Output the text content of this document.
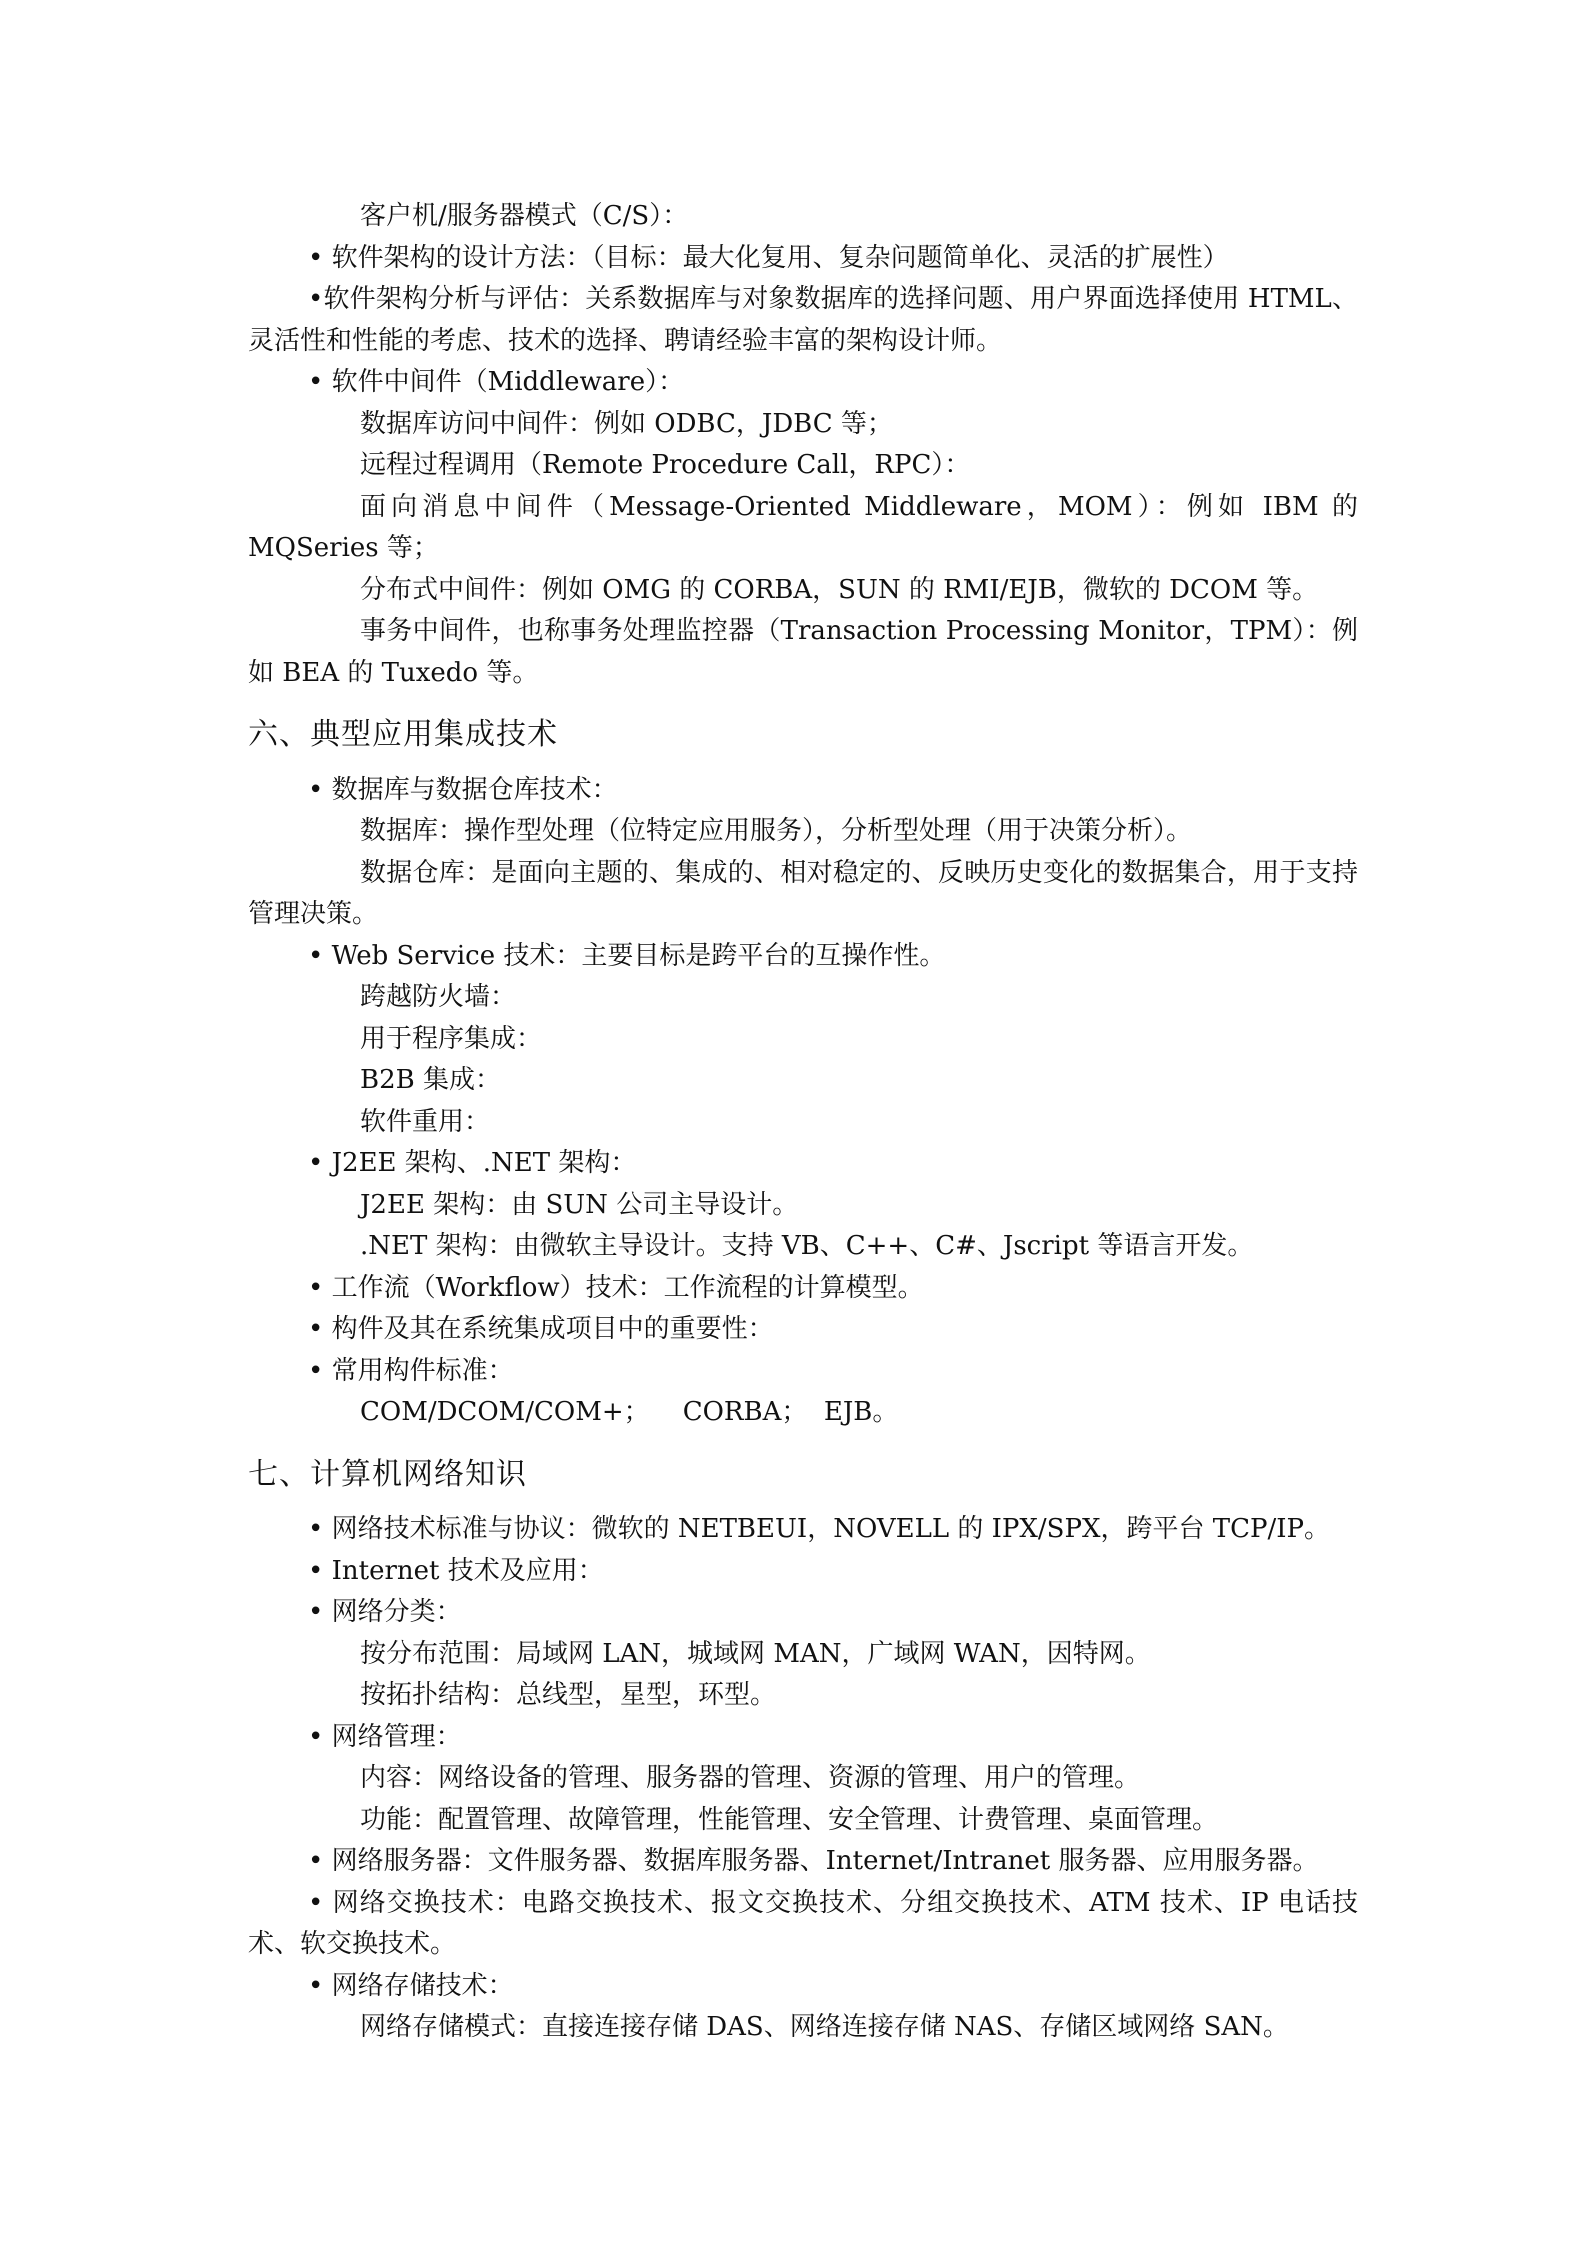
客户机/服务器模式（C/S）：
• 软件架构的设计方法：（目标：最大化复用、复杂问题简单化、灵活的扩展性）
•软件架构分析与评估：关系数据库与对象数据库的选择问题、用户界面选择使用 HTML、灵活性和性能的考虑、技术的选择、聘请经验丰富的架构设计师。
• 软件中间件（Middleware）：
数据库访问中间件：例如 ODBC，JDBC 等；
远程过程调用（Remote Procedure Call，RPC）：
面向消息中间件（Message-Oriented Middleware，MOM）：例如 IBM 的 MQSeries 等；
分布式中间件：例如 OMG 的 CORBA，SUN 的 RMI/EJB，微软的 DCOM 等。
事务中间件，也称事务处理监控器（Transaction Processing Monitor，TPM）：例如 BEA 的 Tuxedo 等。
六、典型应用集成技术
• 数据库与数据仓库技术：
数据库：操作型处理（位特定应用服务），分析型处理（用于决策分析）。
数据仓库：是面向主题的、集成的、相对稳定的、反映历史变化的数据集合，用于支持管理决策。
• Web Service 技术：主要目标是跨平台的互操作性。
跨越防火墙：
用于程序集成：
B2B 集成：
软件重用：
• J2EE 架构、.NET 架构：
J2EE 架构：由 SUN 公司主导设计。
.NET 架构：由微软主导设计。支持 VB、C++、C#、Jscript 等语言开发。
• 工作流（Workflow）技术：工作流程的计算模型。
• 构件及其在系统集成项目中的重要性：
• 常用构件标准：
COM/DCOM/COM+；    CORBA；  EJB。
七、计算机网络知识
• 网络技术标准与协议：微软的 NETBEUI，NOVELL 的 IPX/SPX，跨平台 TCP/IP。
• Internet 技术及应用：
• 网络分类：
按分布范围：局域网 LAN，城域网 MAN，广域网 WAN，因特网。
按拓扑结构：总线型，星型，环型。
• 网络管理：
内容：网络设备的管理、服务器的管理、资源的管理、用户的管理。
功能：配置管理、故障管理，性能管理、安全管理、计费管理、桌面管理。
• 网络服务器：文件服务器、数据库服务器、Internet/Intranet 服务器、应用服务器。
• 网络交换技术：电路交换技术、报文交换技术、分组交换技术、ATM 技术、IP 电话技术、软交换技术。
• 网络存储技术：
网络存储模式：直接连接存储 DAS、网络连接存储 NAS、存储区域网络 SAN。
